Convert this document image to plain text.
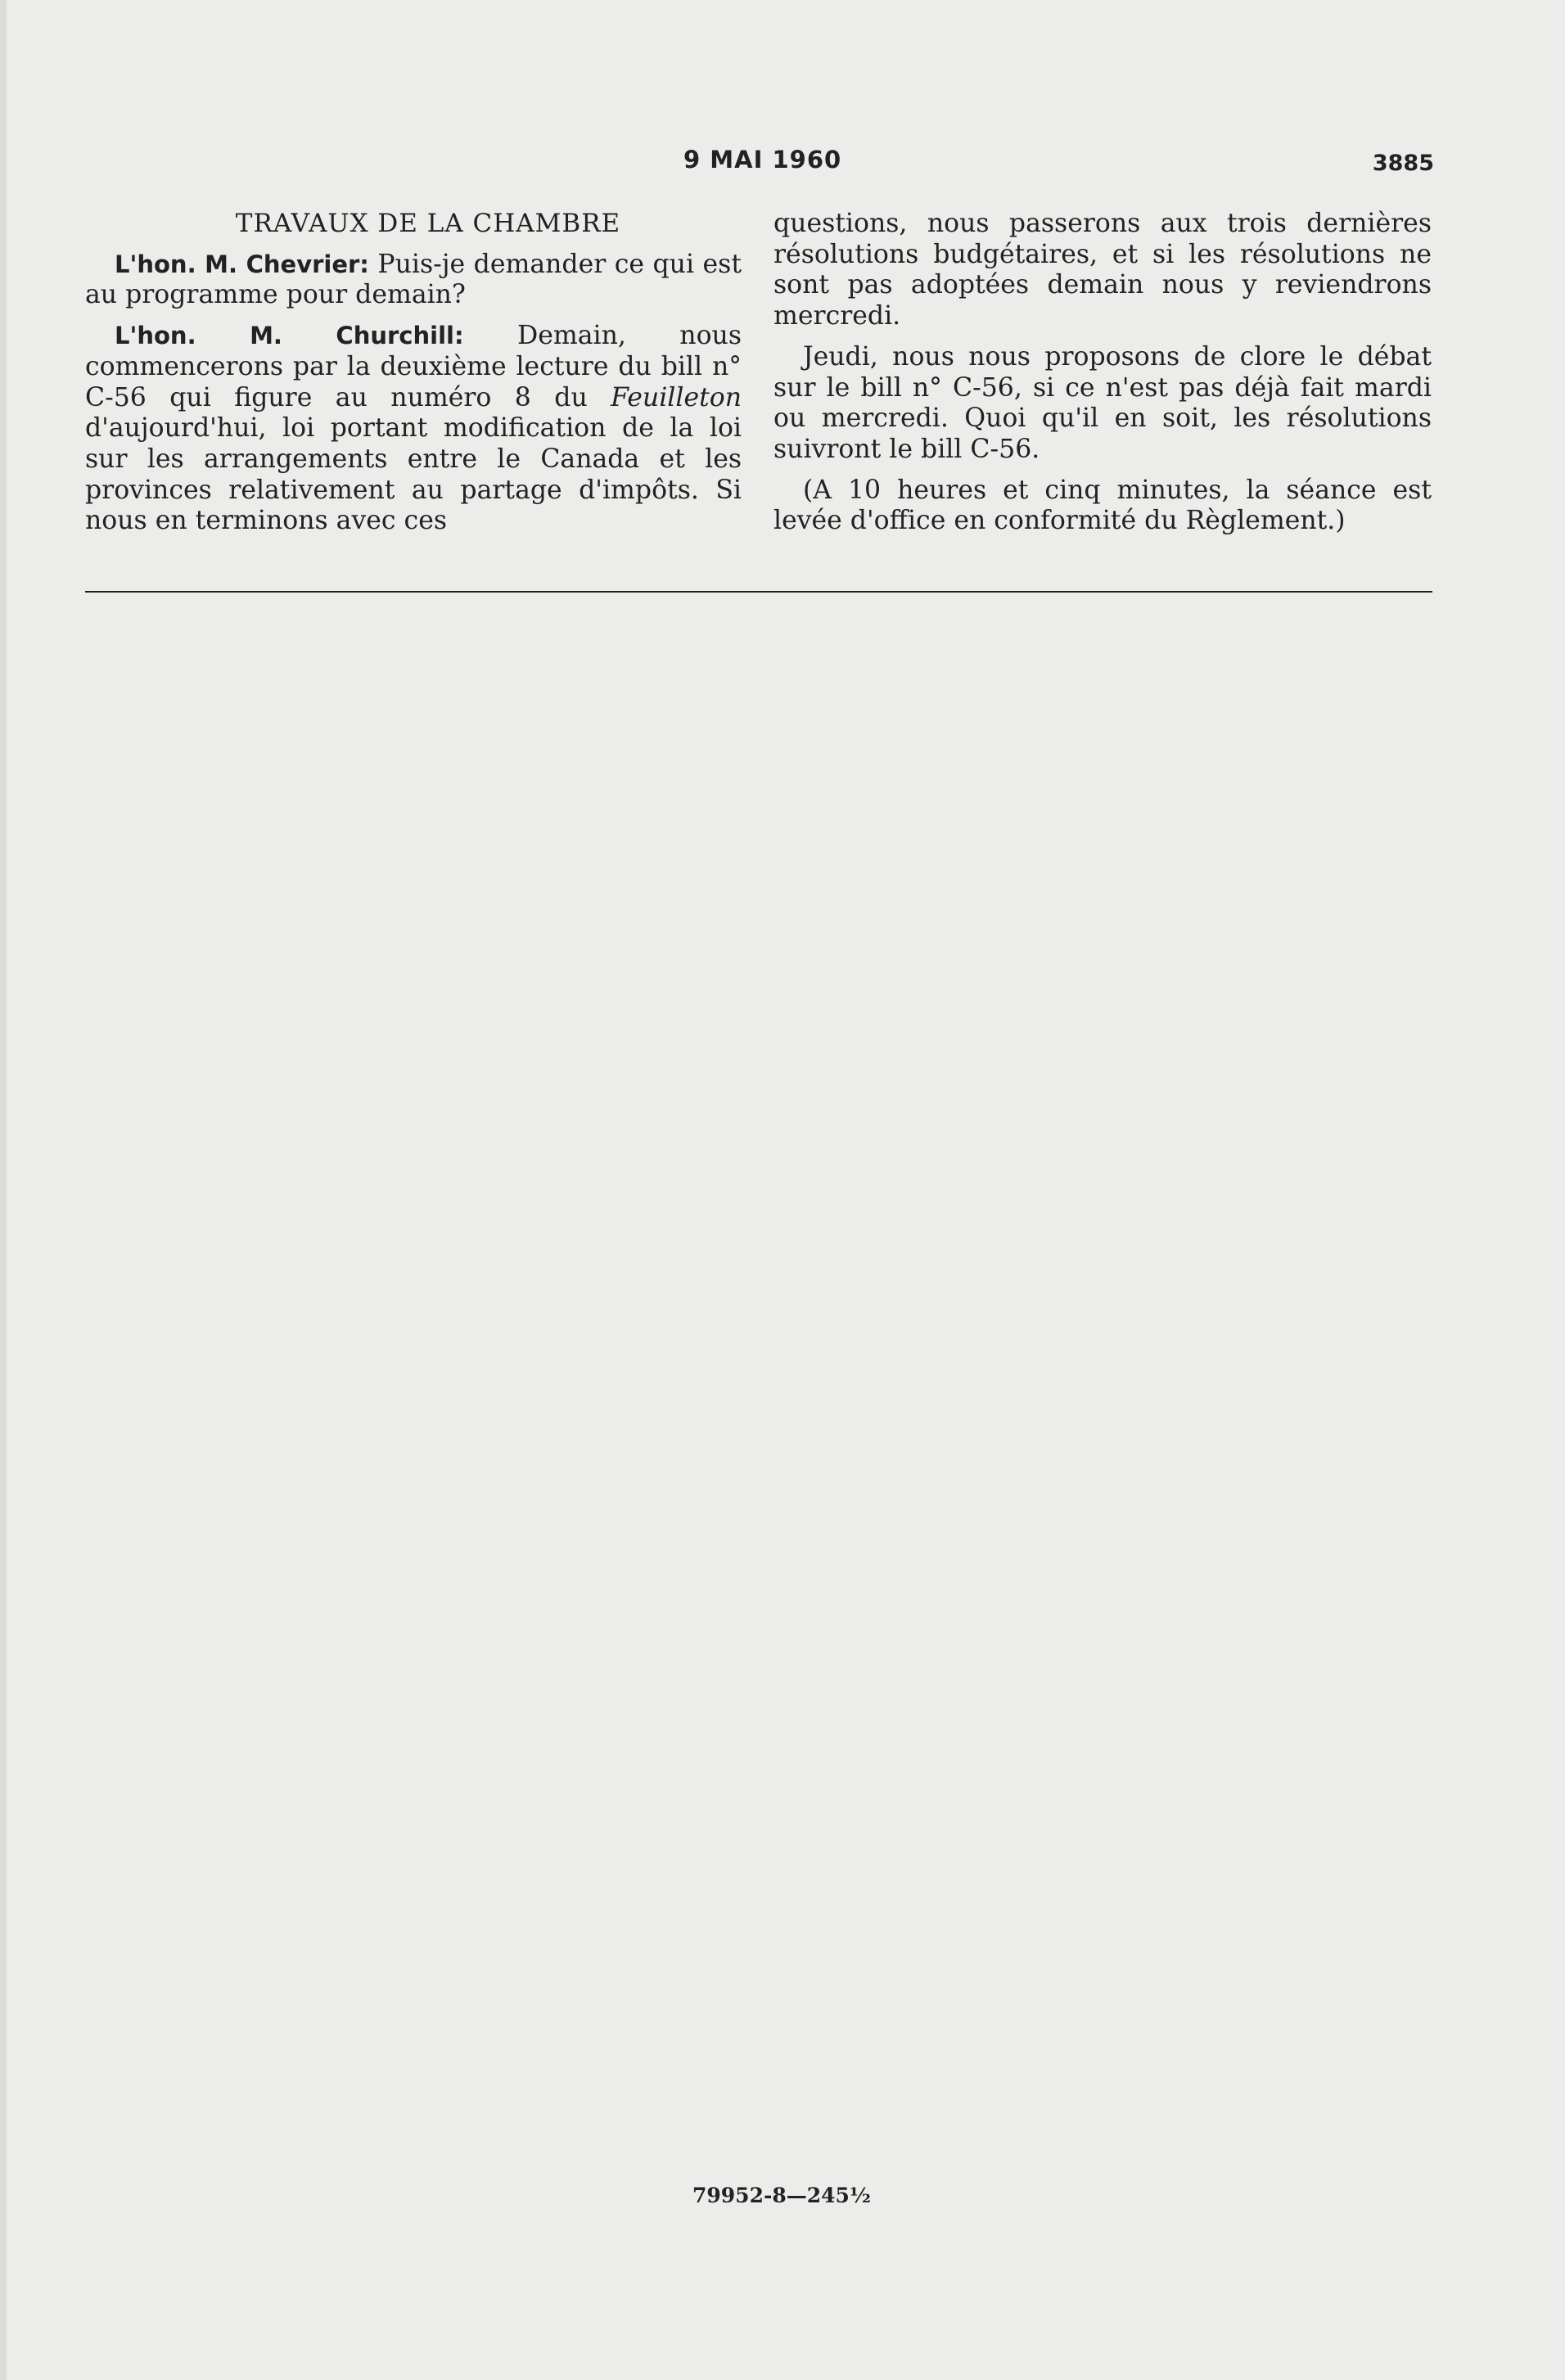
9 MAI 1960	3885

TRAVAUX DE LA CHAMBRE

L'hon. M. Chevrier: Puis-je demander ce qui est au programme pour demain?

L'hon. M. Churchill: Demain, nous commencerons par la deuxième lecture du bill n° C-56 qui figure au numéro 8 du Feuilleton d'aujourd'hui, loi portant modification de la loi sur les arrangements entre le Canada et les provinces relativement au partage d'impôts. Si nous en terminons avec ces

questions, nous passerons aux trois dernières résolutions budgétaires, et si les résolutions ne sont pas adoptées demain nous y reviendrons mercredi.

Jeudi, nous nous proposons de clore le débat sur le bill n° C-56, si ce n'est pas déjà fait mardi ou mercredi. Quoi qu'il en soit, les résolutions suivront le bill C-56.

(A 10 heures et cinq minutes, la séance est levée d'office en conformité du Règlement.)

79952-8—245½
